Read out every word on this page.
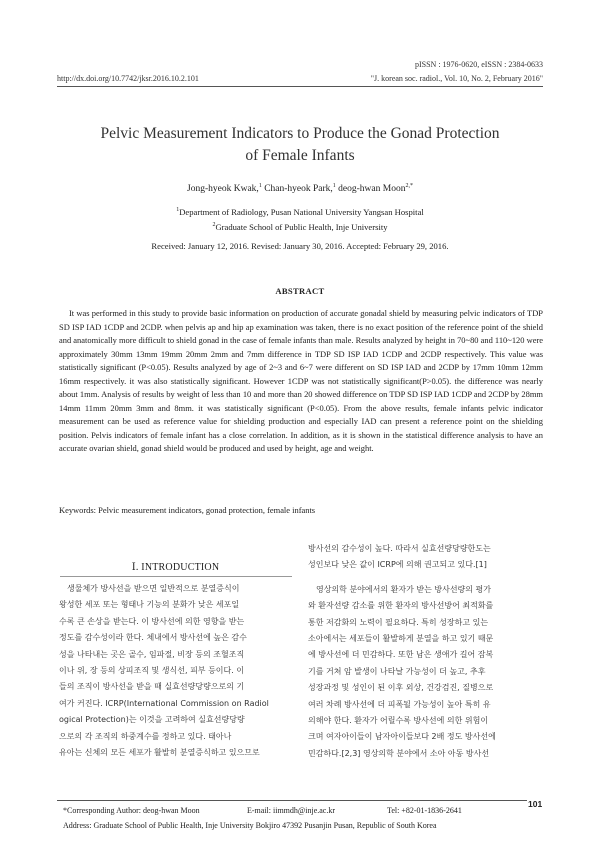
pISSN : 1976-0620, eISSN : 2384-0633
http://dx.doi.org/10.7742/jksr.2016.10.2.101	"J. korean soc. radiol., Vol. 10, No. 2, February 2016"
Pelvic Measurement Indicators to Produce the Gonad Protection
of Female Infants
Jong-hyeok Kwak,$^1$ Chan-hyeok Park,$^1$ deog-hwan Moon$^{2,*}$
$^1$Department of Radiology, Pusan National University Yangsan Hospital
$^2$Graduate School of Public Health, Inje University
Received: January 12, 2016. Revised: January 30, 2016. Accepted: February 29, 2016.
ABSTRACT
It was performed in this study to provide basic information on production of accurate gonadal shield by measuring pelvic indicators of TDP SD ISP IAD 1CDP and 2CDP. when pelvis ap and hip ap examination was taken, there is no exact position of the reference point of the shield and anatomically more difficult to shield gonad in the case of female infants than male. Results analyzed by height in 70~80 and 110~120 were approximately 30mm 13mm 19mm 20mm 2mm and 7mm difference in TDP SD ISP IAD 1CDP and 2CDP respectively. This value was statistically significant (P<0.05). Results analyzed by age of 2~3 and 6~7 were different on SD ISP IAD and 2CDP by 17mm 10mm 12mm 16mm respectively. it was also statistically significant. However 1CDP was not statistically significant(P>0.05). the difference was nearly about 1mm. Analysis of results by weight of less than 10 and more than 20 showed difference on TDP SD ISP IAD 1CDP and 2CDP by 28mm 14mm 11mm 20mm 3mm and 8mm. it was statistically significant (P<0.05). From the above results, female infants pelvic indicator measurement can be used as reference value for shielding production and especially IAD can present a reference point on the shielding position. Pelvis indicators of female infant has a close correlation. In addition, as it is shown in the statistical difference analysis to have an accurate ovarian shield, gonad shield would be produced and used by height, age and weight.
Keywords: Pelvic measurement indicators, gonad protection, female infants
Ⅰ. INTRODUCTION
생물체가 방사선을 받으면 일반적으로 분열증식이
왕성한 세포 또는 형태나 기능의 분화가 낮은 세포일
수록 큰 손상을 받는다. 이 방사선에 의한 영향을 받는
정도를 감수성이라 한다. 체내에서 방사선에 높은 감수
성을 나타내는 곳은 골수, 임파절, 비장 등의 조혈조직
이나 위, 장 등의 상피조직 및 생식선, 피부 등이다. 이
들의 조직이 방사선을 받을 때 실효선량당량으로의 기
여가 커진다. ICRP(International Commission on Radiol
ogical Protection)는 이것을 고려하여 실효선량당량
으로의 각 조직의 하중계수를 정하고 있다. 태아나
유아는 신체의 모든 세포가 활발히 분열증식하고 있으므로
방사선의 감수성이 높다. 따라서 실효선량당량한도는
성인보다 낮은 값이 ICRP에 의해 권고되고 있다.[1]
영상의학 분야에서의 환자가 받는 방사선량의 평가
와 환자선량 감소를 위한 환자의 방사선방어 최적화를
통한 저감화의 노력이 필요하다. 특히 성장하고 있는
소아에서는 세포들이 활발하게 분열을 하고 있기 때문
에 방사선에 더 민감하다. 또한 남은 생애가 길어 잠복
기를 거쳐 암 발생이 나타날 가능성이 더 높고, 추후
성장과정 및 성인이 된 이후 외상, 건강검진, 질병으로
여러 차례 방사선에 더 피폭될 가능성이 높아 특히 유
의해야 한다. 환자가 어릴수록 방사선에 의한 위험이
크며 여자아이들이 남자아이들보다 2배 정도 방사선에
민감하다.[2,3] 영상의학 분야에서 소아 아동 방사선
*Corresponding Author: deog-hwan Moon	E-mail: iimmdh@inje.ac.kr	Tel: +82-01-1836-2641
Address: Graduate School of Public Health, Inje University Bokjiro 47392 Pusanjin Pusan, Republic of South Korea
101
